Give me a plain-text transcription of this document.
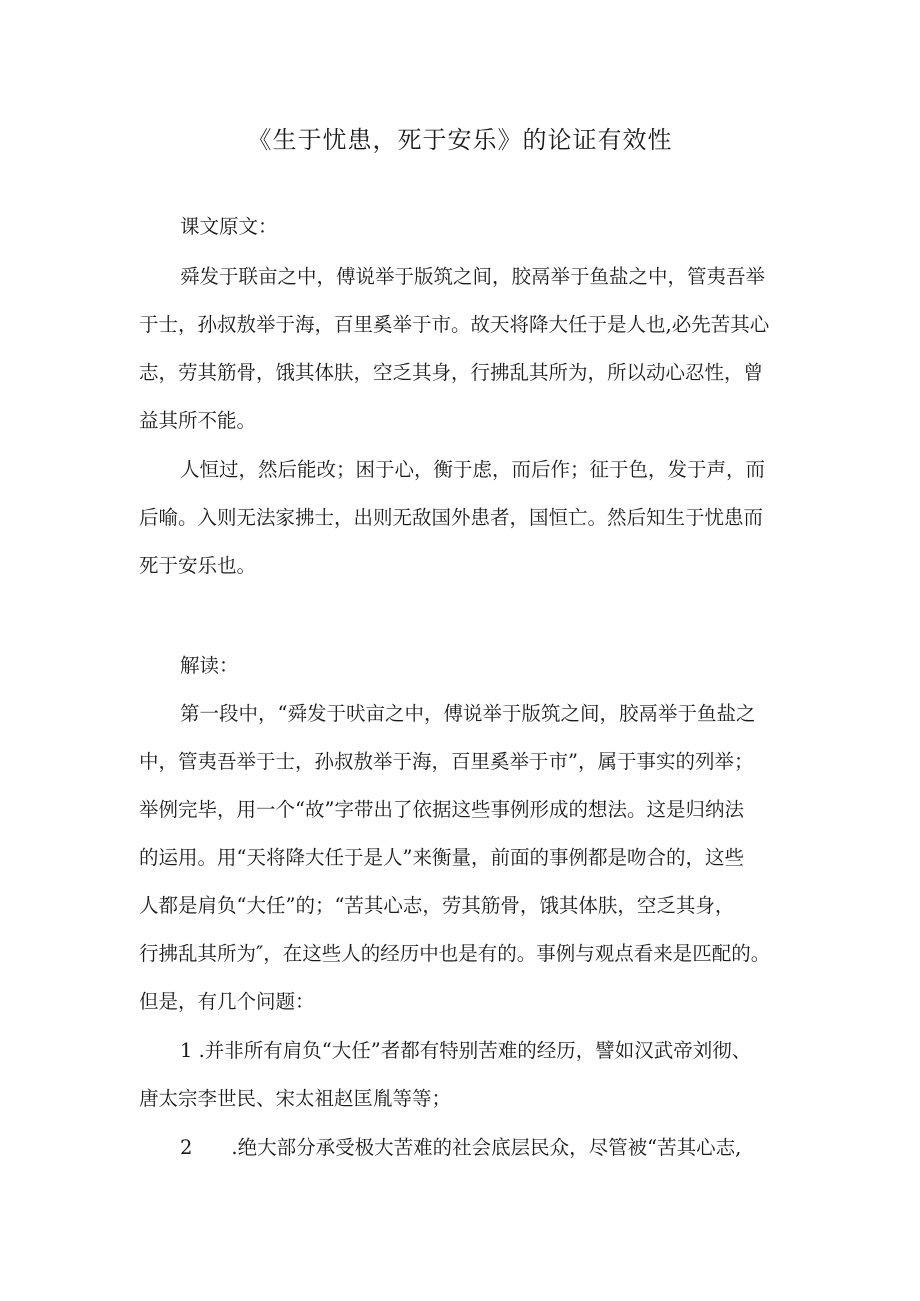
《生于忧患，死于安乐》的论证有效性

课文原文：

舜发于联亩之中，傅说举于版筑之间，胶鬲举于鱼盐之中，管夷吾举

于士，孙叔敖举于海，百里奚举于市。故天将降大任于是人也,必先苦其心

志，劳其筋骨，饿其体肤，空乏其身，行拂乱其所为，所以动心忍性，曾

益其所不能。

人恒过，然后能改；困于心，衡于虑，而后作；征于色，发于声，而

后喻。入则无法家拂士，出则无敌国外患者，国恒亡。然后知生于忧患而

死于安乐也。

解读：

第一段中，“舜发于吠亩之中，傅说举于版筑之间，胶鬲举于鱼盐之

中，管夷吾举于士，孙叔敖举于海，百里奚举于市”，属于事实的列举；

举例完毕，用一个“故”字带出了依据这些事例形成的想法。这是归纳法

的运用。用“天将降大任于是人”来衡量，前面的事例都是吻合的，这些

人都是肩负“大任”的；“苦其心志，劳其筋骨，饿其体肤，空乏其身，

行拂乱其所为″，在这些人的经历中也是有的。事例与观点看来是匹配的。

但是，有几个问题：

1 .并非所有肩负“大任”者都有特别苦难的经历，譬如汉武帝刘彻、

唐太宗李世民、宋太祖赵匡胤等等；

2　　.绝大部分承受极大苦难的社会底层民众，尽管被“苦其心志,
